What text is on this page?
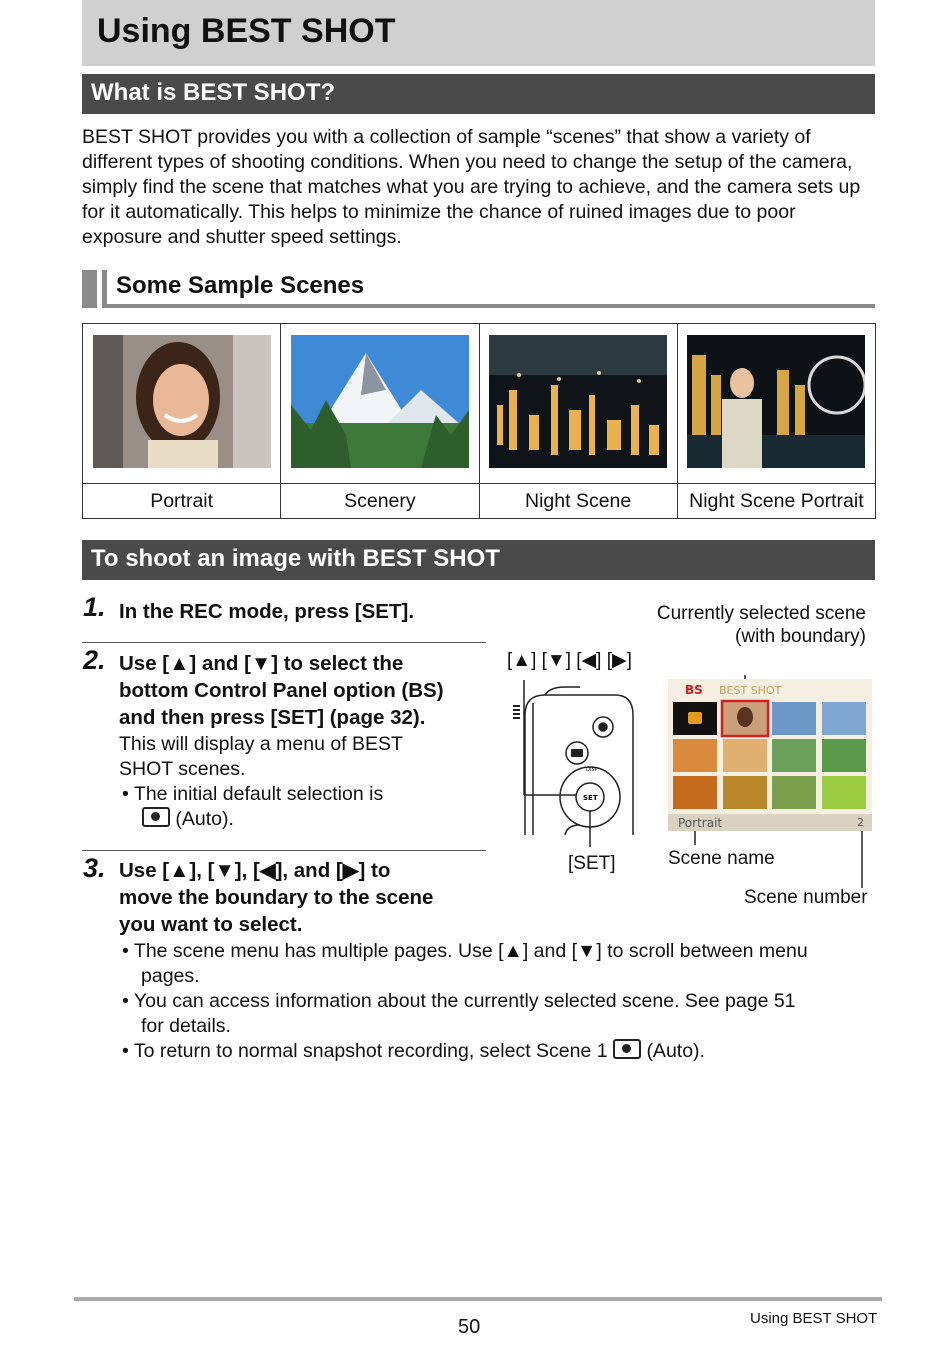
Using BEST SHOT
What is BEST SHOT?
BEST SHOT provides you with a collection of sample “scenes” that show a variety of different types of shooting conditions. When you need to change the setup of the camera, simply find the scene that matches what you are trying to achieve, and the camera sets up for it automatically. This helps to minimize the chance of ruined images due to poor exposure and shutter speed settings.
Some Sample Scenes

Portrait	Scenery	Night Scene	Night Scene Portrait
To shoot an image with BEST SHOT
1. In the REC mode, press [SET].
2. Use [▲] and [▼] to select the
bottom Control Panel option (BS)
and then press [SET] (page 32).
This will display a menu of BEST
SHOT scenes.
• The initial default selection is
(Auto).
3. Use [▲], [▼], [◀], and [▶] to
move the boundary to the scene
you want to select.
• The scene menu has multiple pages. Use [▲] and [▼] to scroll between menu
pages.
• You can access information about the currently selected scene. See page 51
for details.
• To return to normal snapshot recording, select Scene 1 (Auto).
[▲] [▼] [◀] [▶]
[SET]
Currently selected scene
(with boundary)
Scene name
Scene number
DISP
SET
BS BEST SHOT
Portrait	2
50	Using BEST SHOT
